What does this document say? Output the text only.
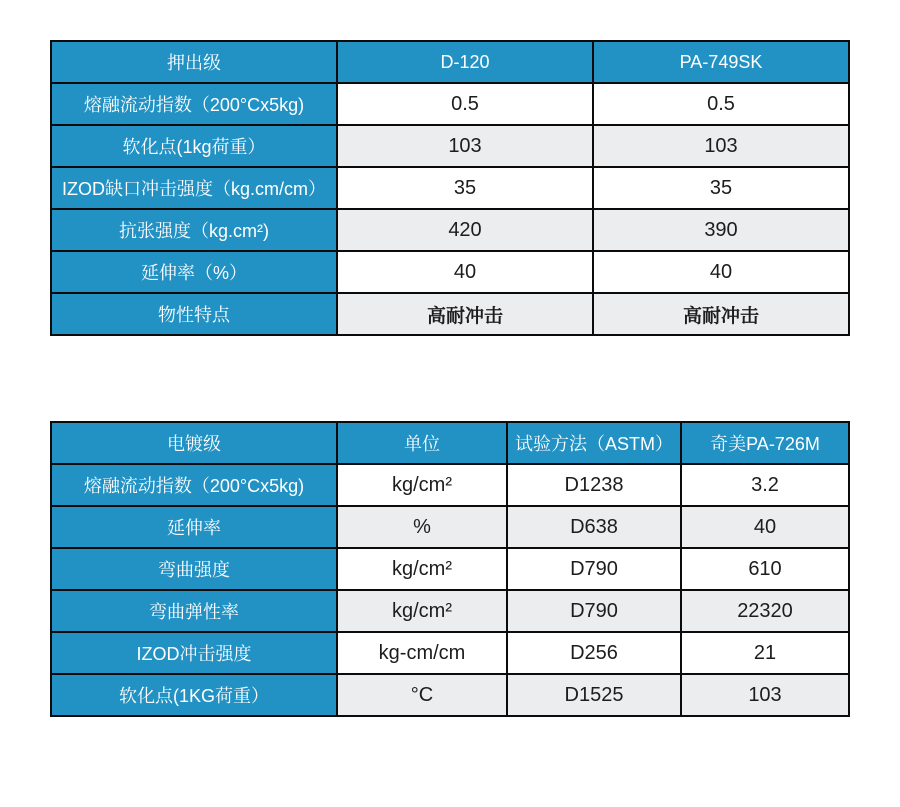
押出级	D-120	PA-749SK
熔融流动指数（200°Cx5kg)	0.5	0.5
软化点(1kg荷重）	103	103
IZOD缺口冲击强度（kg.cm/cm）	35	35
抗张强度（kg.cm²)	420	390
延伸率（%）	40	40
物性特点	高耐冲击	高耐冲击
电镀级	单位	试验方法（ASTM）	奇美PA-726M
熔融流动指数（200°Cx5kg)	kg/cm²	D1238	3.2
延伸率	%	D638	40
弯曲强度	kg/cm²	D790	610
弯曲弹性率	kg/cm²	D790	22320
IZOD冲击强度	kg-cm/cm	D256	21
软化点(1KG荷重）	°C	D1525	103
